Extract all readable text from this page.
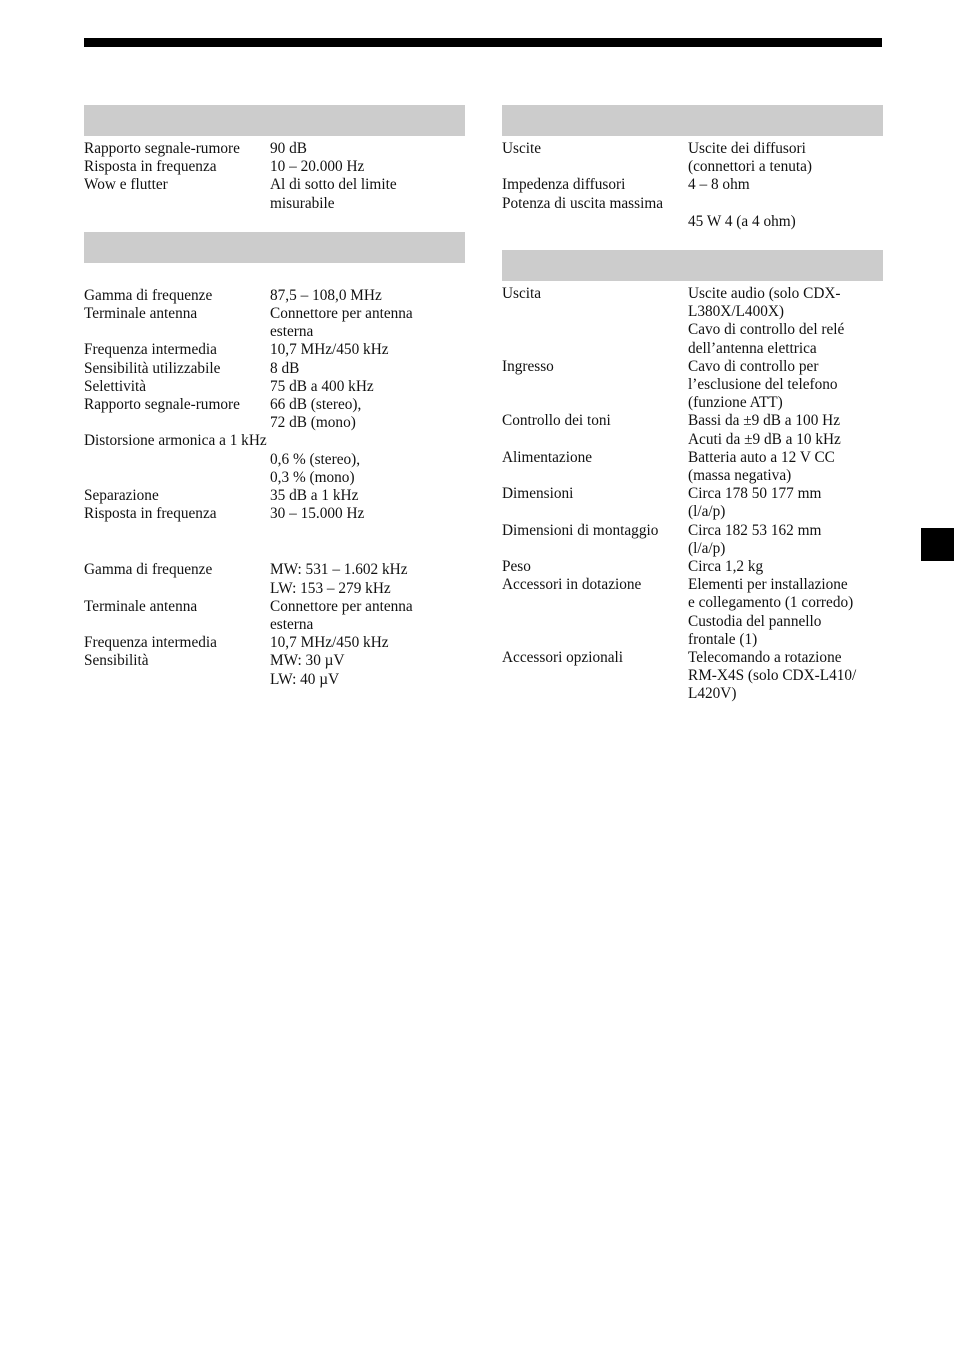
Rapporto segnale-rumore	90 dB
Risposta in frequenza	10 – 20.000 Hz
Wow e flutter	Al di sotto del limite
misurabile
Gamma di frequenze	87,5 – 108,0 MHz
Terminale antenna	Connettore per antenna
esterna
Frequenza intermedia	10,7 MHz/450 kHz
Sensibilità utilizzabile	8 dB
Selettività	75 dB a 400 kHz
Rapporto segnale-rumore	66 dB (stereo),
72 dB (mono)
Distorsione armonica a 1 kHz
0,6 % (stereo),
0,3 % (mono)
Separazione	35 dB a 1 kHz
Risposta in frequenza	30 – 15.000 Hz
Gamma di frequenze	MW: 531 – 1.602 kHz
LW: 153 – 279 kHz
Terminale antenna	Connettore per antenna
esterna
Frequenza intermedia	10,7 MHz/450 kHz
Sensibilità	MW: 30 µV
LW: 40 µV
Uscite	Uscite dei diffusori
(connettori a tenuta)
Impedenza diffusori	4 – 8 ohm
Potenza di uscita massima
45 W 4 (a 4 ohm)
Uscita	Uscite audio (solo CDX-
L380X/L400X)
Cavo di controllo del relé
dell’antenna elettrica
Ingresso	Cavo di controllo per
l’esclusione del telefono
(funzione ATT)
Controllo dei toni	Bassi da ±9 dB a 100 Hz
Acuti da ±9 dB a 10 kHz
Alimentazione	Batteria auto a 12 V CC
(massa negativa)
Dimensioni	Circa 178 50 177 mm
(l/a/p)
Dimensioni di montaggio	Circa 182 53 162 mm
(l/a/p)
Peso	Circa 1,2 kg
Accessori in dotazione	Elementi per installazione
e collegamento (1 corredo)
Custodia del pannello
frontale (1)
Accessori opzionali	Telecomando a rotazione
RM-X4S (solo CDX-L410/
L420V)
